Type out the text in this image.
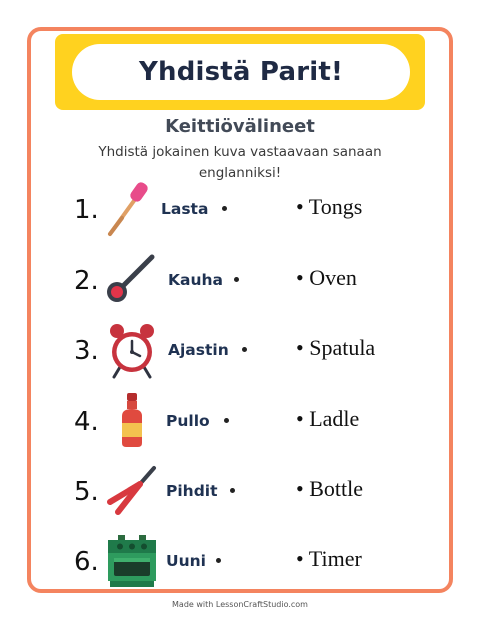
Yhdistä Parit!
Keittiövälineet
Yhdistä jokainen kuva vastaavaan sanaan
englanniksi!
1.	Lasta	• Tongs
2.	Kauha	• Oven
3.	Ajastin	• Spatula
4.	Pullo	• Ladle
5.	Pihdit	• Bottle
6.	Uuni	• Timer
Made with LessonCraftStudio.com
